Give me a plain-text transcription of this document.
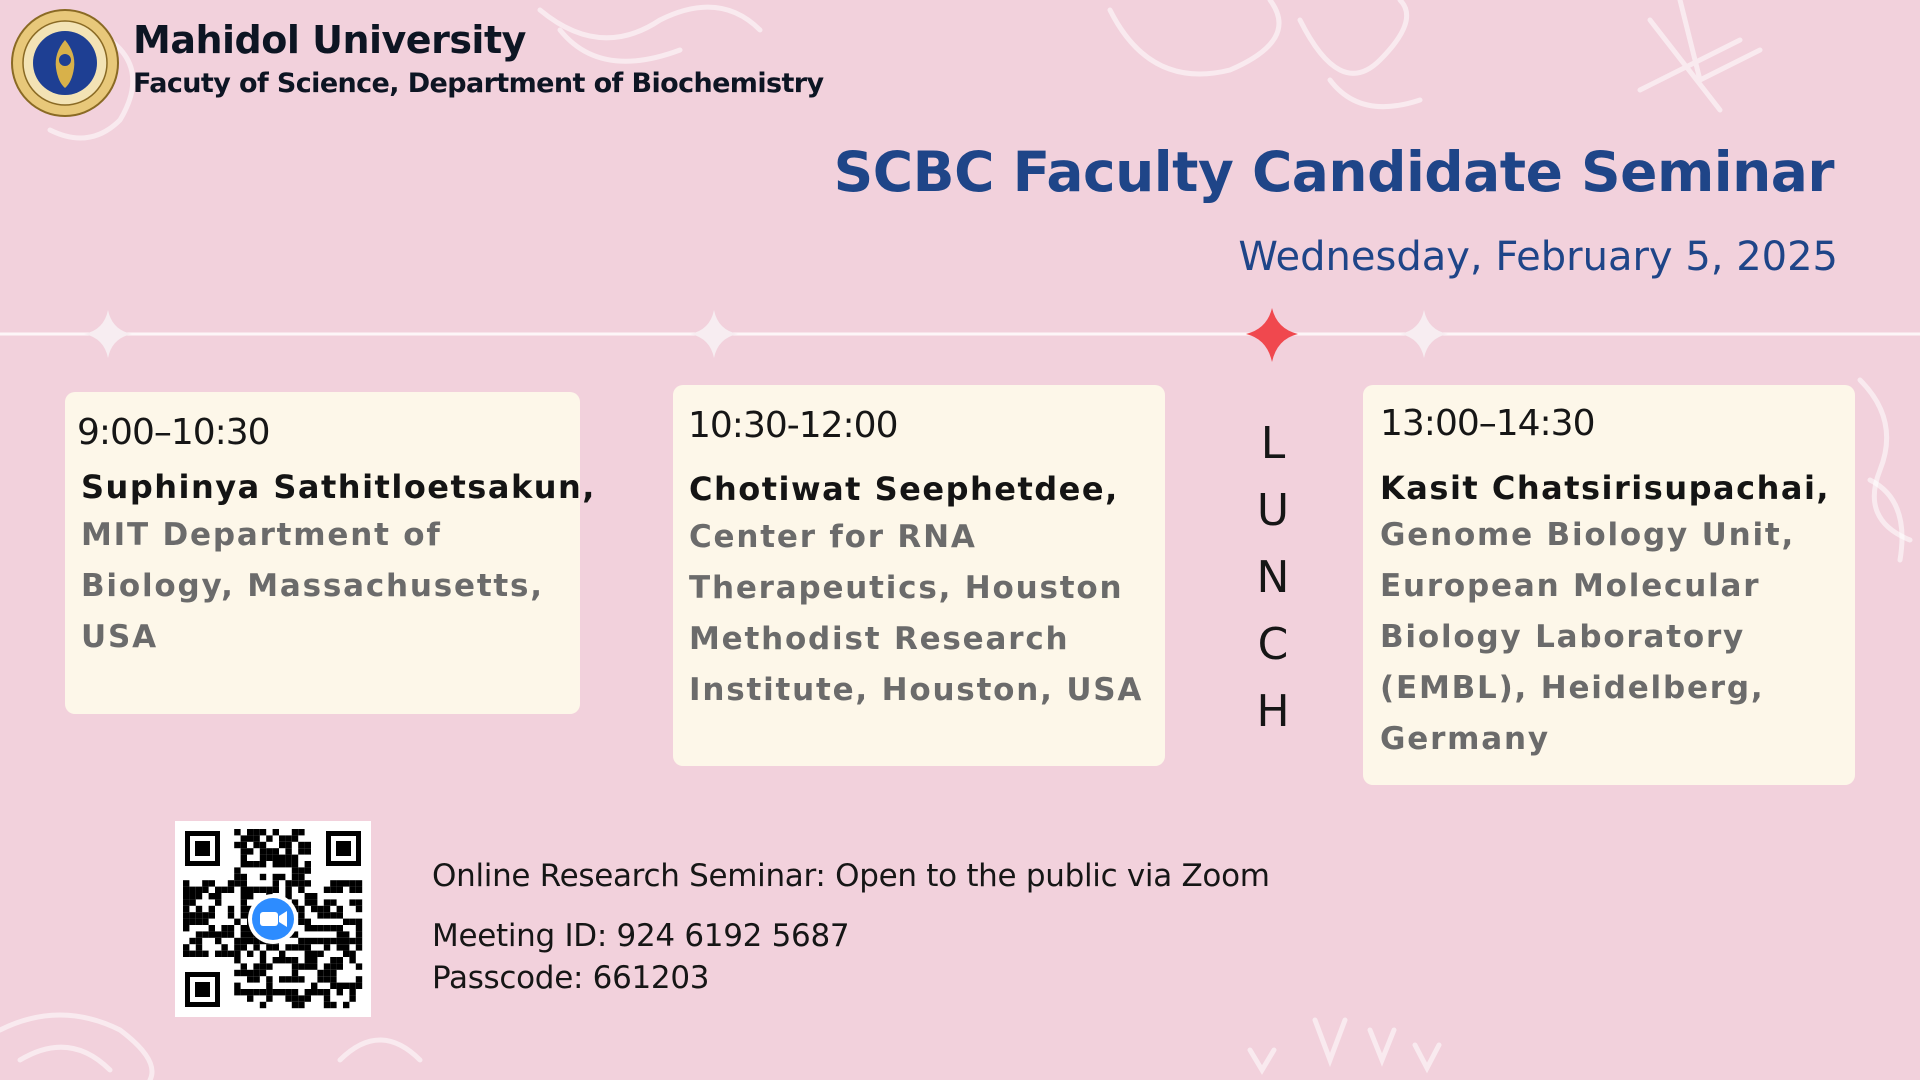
Mahidol University
Facuty of Science, Department of Biochemistry
SCBC Faculty Candidate Seminar
Wednesday, February 5, 2025
9:00–10:30
Suphinya Sathitloetsakun,
MIT Department of
Biology, Massachusetts,
USA
10:30-12:00
Chotiwat Seephetdee,
Center for RNA
Therapeutics, Houston
Methodist Research
Institute, Houston, USA
L
U
N
C
H
13:00–14:30
Kasit Chatsirisupachai,
Genome Biology Unit,
European Molecular
Biology Laboratory
(EMBL), Heidelberg,
Germany
Online Research Seminar: Open to the public via Zoom
Meeting ID: 924 6192 5687
Passcode: 661203
